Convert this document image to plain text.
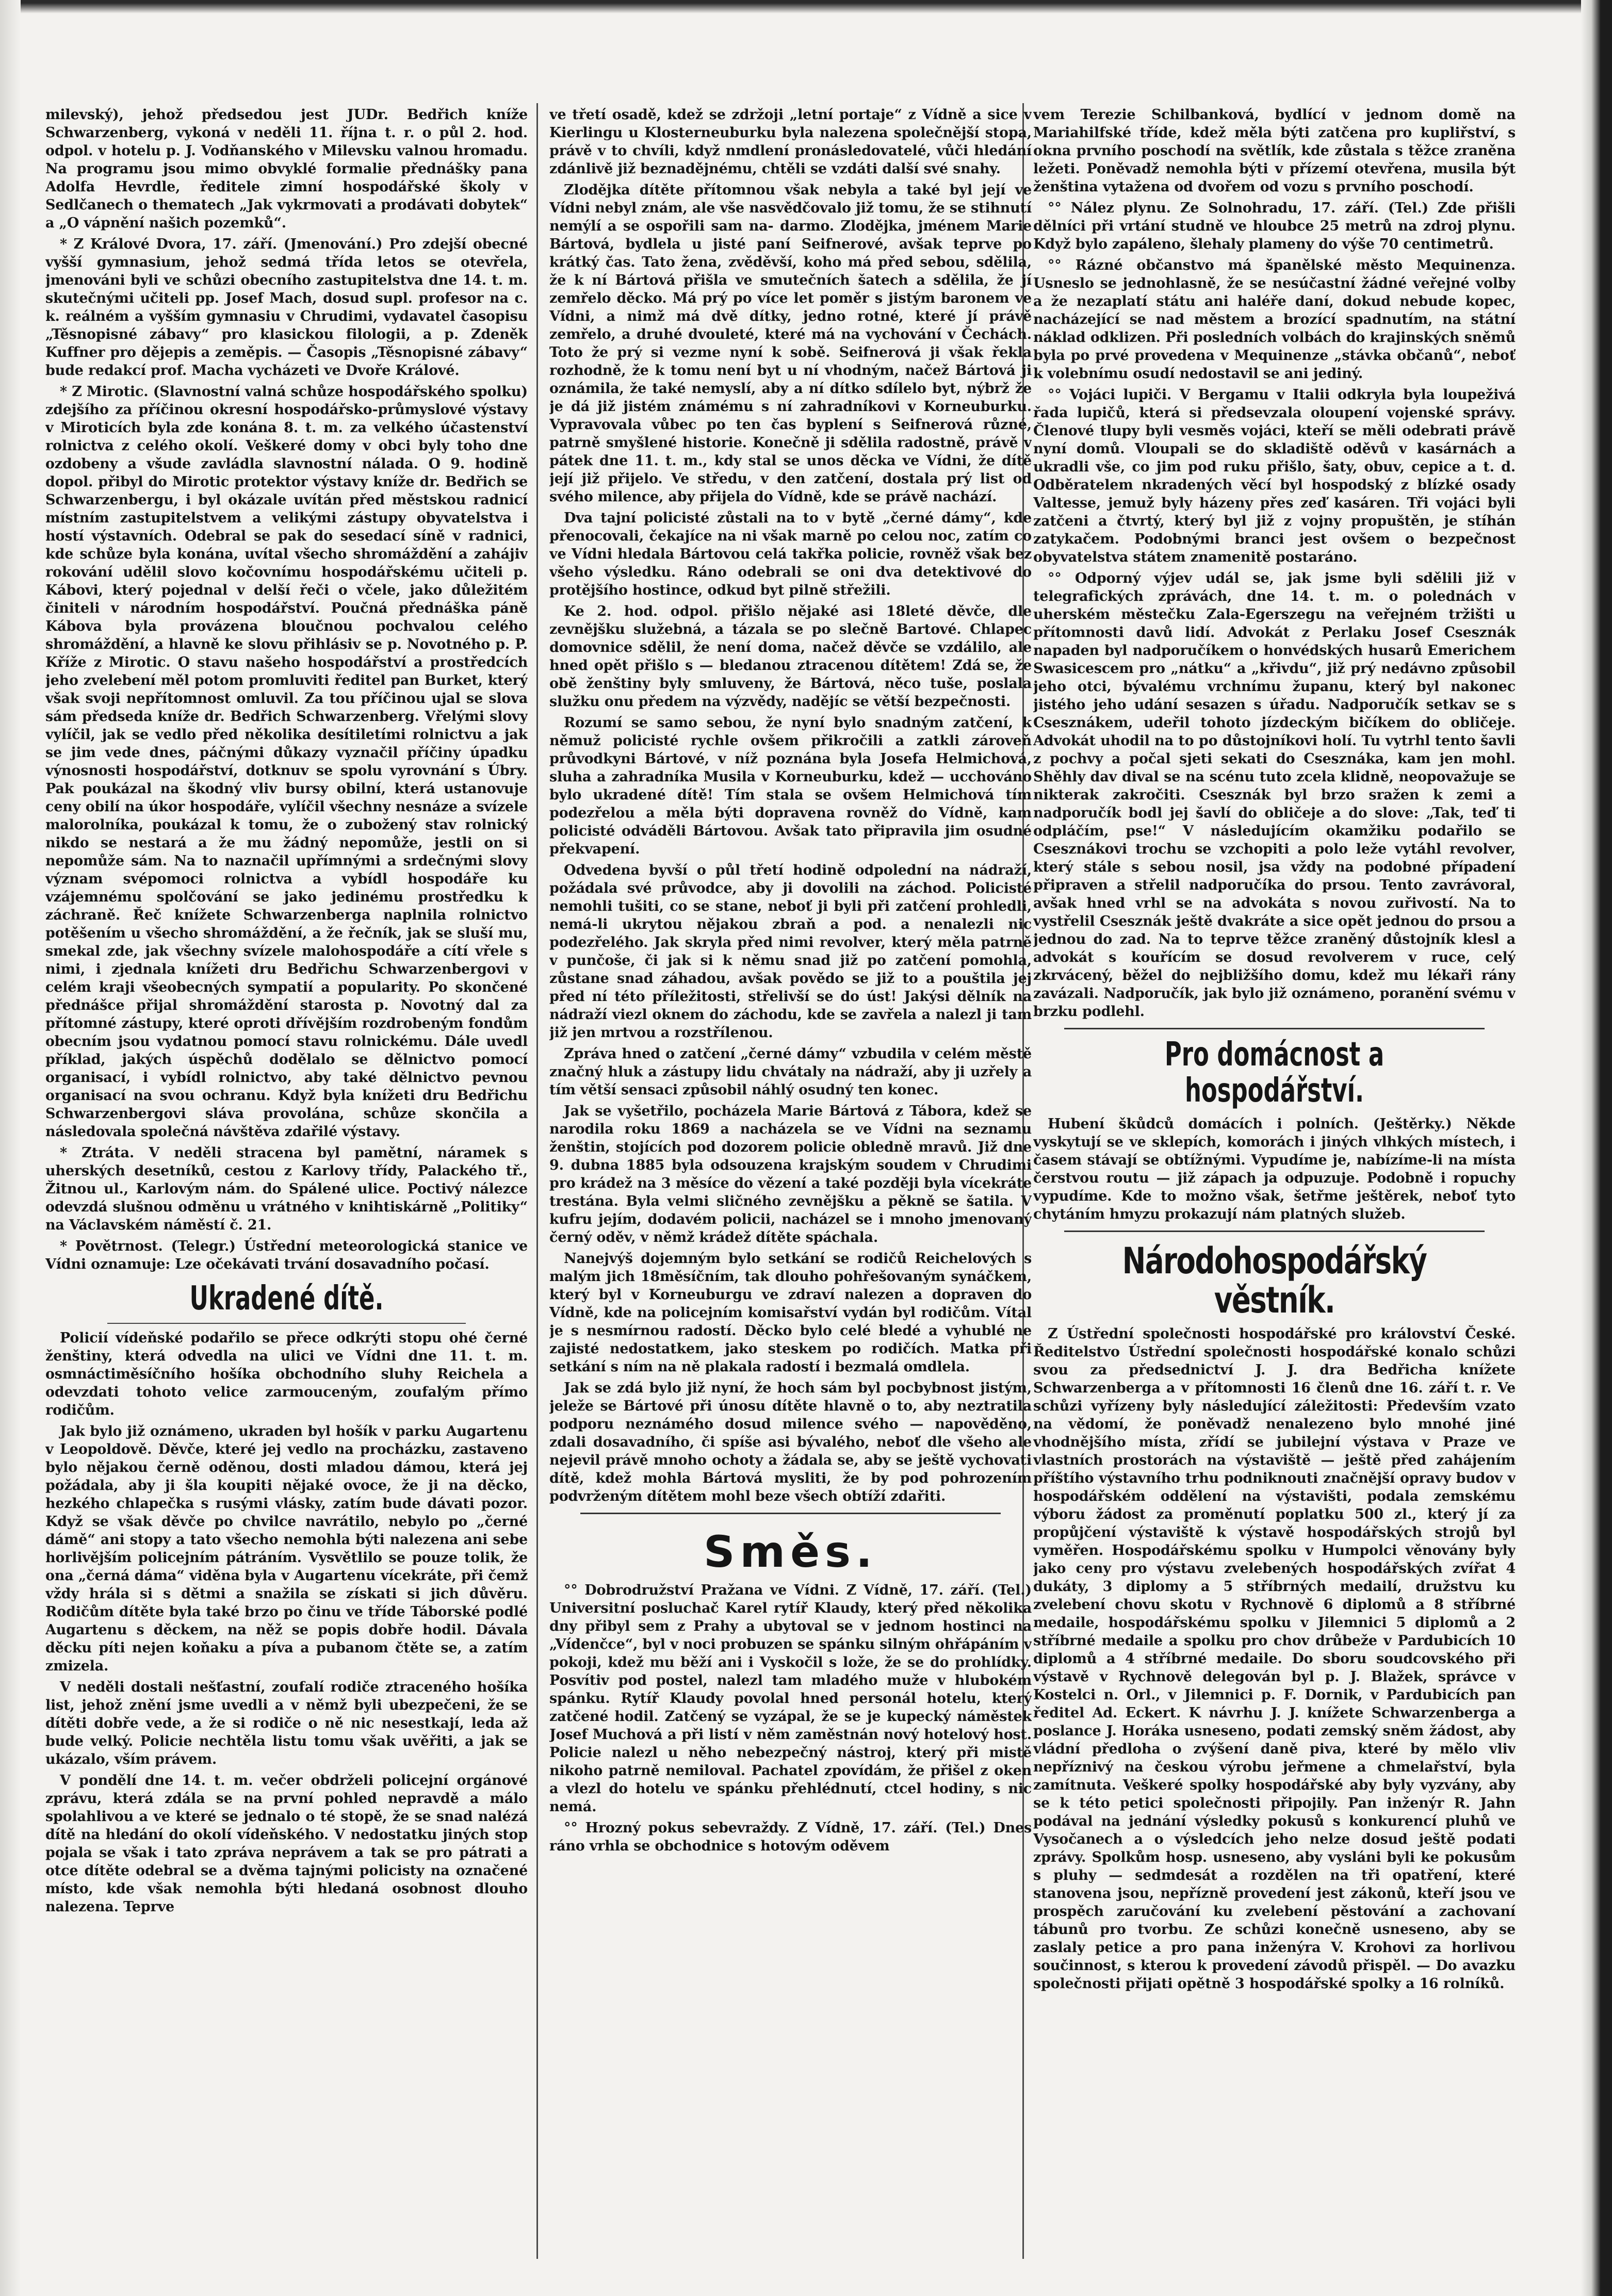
milevský), jehož předsedou jest JUDr. Bedřich kníže Schwarzenberg, vykoná v neděli 11. října t. r. o půl 2. hod. odpol. v hotelu p. J. Vodňanského v Milevsku valnou hromadu. Na programu jsou mimo obvyklé formalie přednášky pana Adolfa Hevrdle, ředitele zimní hospodářské školy v Sedlčanech o thematech „Jak vykrmovati a prodávati dobytek“ a „O vápnění našich pozemků“.

* Z Králové Dvora, 17. září. (Jmenování.) Pro zdejší obecné vyšší gymnasium, jehož sedmá třída letos se otevřela, jmenováni byli ve schůzi obecního zastupitelstva dne 14. t. m. skutečnými učiteli pp. Josef Mach, dosud supl. profesor na c. k. reálném a vyšším gymnasiu v Chrudimi, vydavatel časopisu „Těsnopisné zábavy“ pro klasickou filologii, a p. Zdeněk Kuffner pro dějepis a zeměpis. — Časopis „Těsnopisné zábavy“ bude redakcí prof. Macha vycházeti ve Dvoře Králové.

* Z Mirotic. (Slavnostní valná schůze hospodářského spolku) zdejšího za příčinou okresní hospodářsko-průmyslové výstavy v Miroticích byla zde konána 8. t. m. za velkého účastenství rolnictva z celého okolí. Veškeré domy v obci byly toho dne ozdobeny a všude zavládla slavnostní nálada. O 9. hodině dopol. přibyl do Mirotic protektor výstavy kníže dr. Bedřich se Schwarzenbergu, i byl okázale uvítán před městskou radnicí místním zastupitelstvem a velikými zástupy obyvatelstva i hostí výstavních. Odebral se pak do sesedací síně v radnici, kde schůze byla konána, uvítal všecho shromáždění a zahájiv rokování udělil slovo kočovnímu hospodářskému učiteli p. Kábovi, který pojednal v delší řeči o včele, jako důležitém činiteli v národním hospodářství. Poučná přednáška páně Kábova byla provázena bloučnou pochvalou celého shromáždění, a hlavně ke slovu přihlásiv se p. Novotného p. P. Kříže z Mirotic. O stavu našeho hospodářství a prostředcích jeho zvelebení měl potom promluviti ředitel pan Burket, který však svoji nepřítomnost omluvil. Za tou příčinou ujal se slova sám předseda kníže dr. Bedřich Schwarzenberg. Vřelými slovy vylíčil, jak se vedlo před několika desítiletími rolnictvu a jak se jim vede dnes, páčnými důkazy vyznačil příčiny úpadku výnosnosti hospodářství, dotknuv se spolu vyrovnání s Úbry. Pak poukázal na škodný vliv bursy obilní, která ustanovuje ceny obilí na úkor hospodáře, vylíčil všechny nesnáze a svízele malorolníka, poukázal k tomu, že o zubožený stav rolnický nikdo se nestará a že mu žádný nepomůže, jestli on si nepomůže sám. Na to naznačil upřímnými a srdečnými slovy význam svépomoci rolnictva a vybídl hospodáře ku vzájemnému spolčování se jako jedinému prostředku k záchraně. Řeč knížete Schwarzenberga naplnila rolnictvo potěšením u všecho shromáždění, a že řečník, jak se sluší mu, smekal zde, jak všechny svízele malohospodáře a cítí vřele s nimi, i zjednala knížeti dru Bedřichu Schwarzenbergovi v celém kraji všeobecných sympatií a popularity. Po skončené přednášce přijal shromáždění starosta p. Novotný dal za přítomné zástupy, které oproti dřívějším rozdrobeným fondům obecním jsou vydatnou pomocí stavu rolnickému. Dále uvedl příklad, jakých úspěchů dodělalo se dělnictvo pomocí organisací, i vybídl rolnictvo, aby také dělnictvo pevnou organisací na svou ochranu. Když byla knížeti dru Bedřichu Schwarzenbergovi sláva provolána, schůze skončila a následovala společná návštěva zdařilé výstavy.

* Ztráta. V neděli stracena byl pamětní, náramek s uherských desetníků, cestou z Karlovy třídy, Palackého tř., Žitnou ul., Karlovým nám. do Spálené ulice. Poctivý nálezce odevzdá slušnou odměnu u vrátného v knihtiskárně „Politiky“ na Václavském náměstí č. 21.

* Povětrnost. (Telegr.) Ústřední meteorologická stanice ve Vídni oznamuje: Lze očekávati trvání dosavadního počasí.

Ukradené dítě.

Policií vídeňské podařilo se přece odkrýti stopu ohé černé ženštiny, která odvedla na ulici ve Vídni dne 11. t. m. osmnáctiměsíčního hošíka obchodního sluhy Reichela a odevzdati tohoto velice zarmouceným, zoufalým přímo rodičům.

Jak bylo již oznámeno, ukraden byl hošík v parku Augartenu v Leopoldově. Děvče, které jej vedlo na procházku, zastaveno bylo nějakou černě oděnou, dosti mladou dámou, která jej požádala, aby ji šla koupiti nějaké ovoce, že ji na děcko, hezkého chlapečka s rusými vlásky, zatím bude dávati pozor. Když se však děvče po chvilce navrátilo, nebylo po „černé dámě“ ani stopy a tato všecho nemohla býti nalezena ani sebe horlivějším policejním pátráním. Vysvětlilo se pouze tolik, že ona „černá dáma“ viděna byla v Augartenu vícekráte, při čemž vždy hrála si s dětmi a snažila se získati si jich důvěru. Rodičům dítěte byla také brzo po činu ve tříde Táborské podlé Augartenu s děckem, na něž se popis dobře hodil. Dávala děcku píti nejen koňaku a píva a pubanom čtěte se, a zatím zmizela.

V neděli dostali nešťastní, zoufalí rodiče ztraceného hošíka list, jehož znění jsme uvedli a v němž byli ubezpečeni, že se dítěti dobře vede, a že si rodiče o ně nic nesestkají, leda až bude velký. Policie nechtěla listu tomu však uvěřiti, a jak se ukázalo, vším právem.

V pondělí dne 14. t. m. večer obdrželi policejní orgánové zprávu, která zdála se na první pohled nepravdě a málo spolahlivou a ve které se jednalo o té stopě, že se snad nalézá dítě na hledání do okolí vídeňského. V nedostatku jiných stop pojala se však i tato zpráva neprávem a tak se pro pátrati a otce dítěte odebral se a dvěma tajnými policisty na označené místo, kde však nemohla býti hledaná osobnost dlouho nalezena. Teprve

ve třetí osadě, kdež se zdržoji „letní portaje“ z Vídně a sice v Kierlingu u Klosterneuburku byla nalezena společnější stopa, právě v to chvíli, když nmdlení pronásledovatelé, vůči hledání zdánlivě již beznadějnému, chtěli se vzdáti další své snahy.

Zlodějka dítěte přítomnou však nebyla a také byl její ve Vídni nebyl znám, ale vše nasvědčovalo již tomu, že se stihnutí nemýlí a se ospořili sam na- darmo. Zlodějka, jménem Marie Bártová, bydlela u jisté paní Seifnerové, avšak teprve po krátký čas. Tato žena, zvěděvší, koho má před sebou, sdělila, že k ní Bártová přišla ve smutečních šatech a sdělila, že jí zemřelo děcko. Má prý po více let poměr s jistým baronem ve Vídni, a nimž má dvě dítky, jedno rotné, které jí právě zemřelo, a druhé dvouleté, které má na vychování v Čechách. Toto že prý si vezme nyní k sobě. Seifnerová ji však řekla rozhodně, že k tomu není byt u ní vhodným, načež Bártová ji oznámila, že také nemyslí, aby a ní dítko sdílelo byt, nýbrž že je dá již jistém známému s ní zahradníkovi v Korneuburku. Vypravovala vůbec po ten čas byplení s Seifnerová různé, patrně smyšlené historie. Konečně ji sdělila radostně, právě v pátek dne 11. t. m., kdy stal se unos děcka ve Vídni, že dítě její již přijelo. Ve středu, v den zatčení, dostala prý list od svého milence, aby přijela do Vídně, kde se právě nachází.

Dva tajní policisté zůstali na to v bytě „černé dámy“, kde přenocovali, čekajíce na ni však marně po celou noc, zatím co ve Vídni hledala Bártovou celá takřka policie, rovněž však bez všeho výsledku. Ráno odebrali se oni dva detektivové do protějšího hostince, odkud byt pilně střežili.

Ke 2. hod. odpol. přišlo nějaké asi 18leté děvče, dle zevnějšku služebná, a tázala se po slečně Bartové. Chlapec domovnice sdělil, že není doma, načež děvče se vzdálilo, ale hned opět přišlo s — bledanou ztracenou dítětem! Zdá se, že obě ženštiny byly smluveny, že Bártová, něco tuše, poslala služku onu předem na výzvědy, nadějíc se větší bezpečnosti.

Rozumí se samo sebou, že nyní bylo snadným zatčení, k němuž policisté rychle ovšem přikročili a zatkli zároveň průvodkyni Bártové, v níž poznána byla Josefa Helmichová, sluha a zahradníka Musila v Korneuburku, kdež — ucchováno bylo ukradené dítě! Tím stala se ovšem Helmichová tím podezřelou a měla býti dopravena rovněž do Vídně, kam policisté odváděli Bártovou. Avšak tato připravila jim osudné překvapení.

Odvedena byvší o půl třetí hodině odpolední na nádraží, požádala své průvodce, aby ji dovolili na záchod. Policisté nemohli tušiti, co se stane, neboť ji byli při zatčení prohledli, nemá-li ukrytou nějakou zbraň a pod. a nenalezli nic podezřelého. Jak skryla před nimi revolver, který měla patrně v punčoše, či jak si k němu snad již po zatčení pomohla, zůstane snad záhadou, avšak povědo se již to a pouštila jej před ní této příležitosti, střelivší se do úst! Jakýsi dělník na nádraží viezl oknem do záchodu, kde se zavřela a nalezl ji tam již jen mrtvou a rozstřílenou.

Zpráva hned o zatčení „černé dámy“ vzbudila v celém městě značný hluk a zástupy lidu chvátaly na nádraží, aby ji uzřely a tím větší sensaci způsobil náhlý osudný ten konec.

Jak se vyšetřilo, pocházela Marie Bártová z Tábora, kdež se narodila roku 1869 a nacházela se ve Vídni na seznamu ženštin, stojících pod dozorem policie obledně mravů. Již dne 9. dubna 1885 byla odsouzena krajským soudem v Chrudimi pro krádež na 3 měsíce do vězení a také později byla vícekráte trestána. Byla velmi sličného zevnějšku a pěkně se šatila. V kufru jejím, dodavém policii, nacházel se i mnoho jmenovaný černý oděv, v němž krádež dítěte spáchala.

Nanejvýš dojemným bylo setkání se rodičů Reichelových s malým jich 18měsíčním, tak dlouho pohřešovaným synáčkem, který byl v Korneuburgu ve zdraví nalezen a dopraven do Vídně, kde na policejním komisařství vydán byl rodičům. Vítal je s nesmírnou radostí. Děcko bylo celé bledé a vyhublé ne zajisté nedostatkem, jako steskem po rodičích. Matka při setkání s ním na ně plakala radostí i bezmalá omdlela.

Jak se zdá bylo již nyní, že hoch sám byl pocbybnost jistým, jeleže se Bártové při únosu dítěte hlavně o to, aby neztratila podporu neznámého dosud milence svého — napověděno, zdali dosavadního, či spíše asi bývalého, neboť dle všeho ale nejevil právě mnoho ochoty a žádala se, aby se ještě vychovati dítě, kdež mohla Bártová mysliti, že by pod pohrozením podvrženým dítětem mohl beze všech obtíží zdařiti.

Směs.

°° Dobrodružství Pražana ve Vídni. Z Vídně, 17. září. (Tel.) Universitní posluchač Karel rytíř Klaudy, který před několika dny přibyl sem z Prahy a ubytoval se v jednom hostinci na „Vídenčce“, byl v noci probuzen se spánku silným ohřápáním v pokoji, kdež mu běží ani i Vyskočil s lože, že se do prohlídky. Posvítiv pod postel, nalezl tam mladého muže v hlubokém spánku. Rytíř Klaudy povolal hned personál hotelu, který zatčené hodil. Zatčený se vyzápal, že se je kupecký náměstek Josef Muchová a při listí v něm zaměstnán nový hotelový host. Policie nalezl u něho nebezpečný nástroj, který při mistě nikoho patrně nemiloval. Pachatel zpovídám, že přišel z oken a vlezl do hotelu ve spánku přehlédnutí, ctcel hodiny, s nic nemá.

°° Hrozný pokus sebevraždy. Z Vídně, 17. září. (Tel.) Dnes ráno vrhla se obchodnice s hotovým oděvem

vem Terezie Schilbanková, bydlící v jednom domě na Mariahilfské tříde, kdež měla býti zatčena pro kupliřství, s okna prvního poschodí na světlík, kde zůstala s těžce zraněna ležeti. Poněvadž nemohla býti v přízemí otevřena, musila být ženština vytažena od dvořem od vozu s prvního poschodí.

°° Nález plynu. Ze Solnohradu, 17. září. (Tel.) Zde přišli dělníci při vrtání studně ve hloubce 25 metrů na zdroj plynu. Když bylo zapáleno, šlehaly plameny do výše 70 centimetrů.

°° Rázné občanstvo má španělské město Mequinenza. Usneslo se jednohlasně, že se nesúčastní žádné veřejné volby a že nezaplatí státu ani haléře daní, dokud nebude kopec, nacházející se nad městem a brozící spadnutím, na státní náklad odklizen. Při posledních volbách do krajinských sněmů byla po prvé provedena v Mequinenze „stávka občanů“, neboť k volebnímu osudí nedostavil se ani jediný.

°° Vojáci lupiči. V Bergamu v Italii odkryla byla loupeživá řada lupičů, která si předsevzala oloupení vojenské správy. Členové tlupy byli vesměs vojáci, kteří se měli odebrati právě nyní domů. Vloupali se do skladiště oděvů v kasárnách a ukradli vše, co jim pod ruku přišlo, šaty, obuv, cepice a t. d. Odběratelem nkradených věcí byl hospodský z blízké osady Valtesse, jemuž byly házeny přes zeď kasáren. Tři vojáci byli zatčeni a čtvrtý, který byl již z vojny propuštěn, je stíhán zatykačem. Podobnými branci jest ovšem o bezpečnost obyvatelstva státem znamenitě postaráno.

°° Odporný výjev udál se, jak jsme byli sdělili již v telegrafických zprávách, dne 14. t. m. o polednách v uherském městečku Zala-Egerszegu na veřejném tržišti u přítomnosti davů lidí. Advokát z Perlaku Josef Csesznák napaden byl nadporučíkem o honvédských husarů Emerichem Swasicescem pro „nátku“ a „křivdu“, již prý nedávno způsobil jeho otci, bývalému vrchnímu županu, který byl nakonec jistého jeho udání sesazen s úřadu. Nadporučík setkav se s Csesznákem, udeřil tohoto jízdeckým bičíkem do obličeje. Advokát uhodil na to po důstojníkovi holí. Tu vytrhl tento šavli z pochvy a počal sjeti sekati do Csesznáka, kam jen mohl. Shěhly dav dival se na scénu tuto zcela klidně, neopovažuje se nikterak zakročiti. Csesznák byl brzo sražen k zemi a nadporučík bodl jej šavlí do obličeje a do slove: „Tak, teď ti odpláčím, pse!“ V následujícím okamžiku podařilo se Csesznákovi trochu se vzchopiti a polo leže vytáhl revolver, který stále s sebou nosil, jsa vždy na podobné případení připraven a střelil nadporučíka do prsou. Tento zavrávoral, avšak hned vrhl se na advokáta s novou zuřivostí. Na to vystřelil Csesznák ještě dvakráte a sice opět jednou do prsou a jednou do zad. Na to teprve těžce zraněný důstojník klesl a advokát s kouřícím se dosud revolverem v ruce, celý zkrvácený, běžel do nejbližšího domu, kdež mu lékaři rány zavázali. Nadporučík, jak bylo již oznámeno, poranění svému v brzku podlehl.

Pro domácnost a hospodářství.

Hubení škůdců domácích i polních. (Ještěrky.) Někde vyskytují se ve sklepích, komorách i jiných vlhkých místech, i časem stávají se obtížnými. Vypudíme je, nabízíme-li na místa čerstvou routu — již zápach ja odpuzuje. Podobně i ropuchy vypudíme. Kde to možno však, šetřme ještěrek, neboť tyto chytáním hmyzu prokazují nám platných služeb.

Národohospodářský věstník.

Z Ústřední společnosti hospodářské pro království České. Ředitelstvo Ústřední společnosti hospodářské konalo schůzi svou za předsednictví J. J. dra Bedřicha knížete Schwarzenberga a v přítomnosti 16 členů dne 16. září t. r. Ve schůzi vyřízeny byly následující záležitosti: Především vzato na vědomí, že poněvadž nenalezeno bylo mnohé jiné vhodnějšího místa, zřídí se jubilejní výstava v Praze ve vlastních prostorách na výstaviště — ještě před zahájením příštího výstavního trhu podniknouti značnější opravy budov v hospodářském oddělení na výstavišti, podala zemskému výboru žádost za proměnutí poplatku 500 zl., který jí za propůjčení výstaviště k výstavě hospodářských strojů byl vyměřen. Hospodářskému spolku v Humpolci věnovány byly jako ceny pro výstavu zvelebených hospodářských zvířat 4 dukáty, 3 diplomy a 5 stříbrných medailí, družstvu ku zvelebení chovu skotu v Rychnově 6 diplomů a 8 stříbrné medaile, hospodářskému spolku v Jilemnici 5 diplomů a 2 stříbrné medaile a spolku pro chov drůbeže v Pardubicích 10 diplomů a 4 stříbrné medaile. Do sboru soudcovského při výstavě v Rychnově delegován byl p. J. Blažek, správce v Kostelci n. Orl., v Jilemnici p. F. Dornik, v Pardubicích pan ředitel Ad. Eckert. K návrhu J. J. knížete Schwarzenberga a poslance J. Horáka usneseno, podati zemský sněm žádost, aby vládní předloha o zvýšení daně piva, které by mělo vliv nepříznivý na českou výrobu jeřmene a chmelařství, byla zamítnuta. Veškeré spolky hospodářské aby byly vyzvány, aby se k této petici společnosti připojily. Pan inženýr R. Jahn podával na jednání výsledky pokusů s konkurencí pluhů ve Vysočanech a o výsledcích jeho nelze dosud ještě podati zprávy. Spolkům hosp. usneseno, aby vysláni byli ke pokusům s pluhy — sedmdesát a rozdělen na tři opatření, které stanovena jsou, nepřízně provedení jest zákonů, kteří jsou ve prospěch zaručování ku zvelebení pěstování a zachovaní tábunů pro tvorbu. Ze schůzi konečně usneseno, aby se zaslaly petice a pro pana inženýra V. Krohovi za horlivou součinnost, s kterou k provedení závodů přispěl. — Do avazku společnosti přijati opětně 3 hospodářské spolky a 16 rolníků.
